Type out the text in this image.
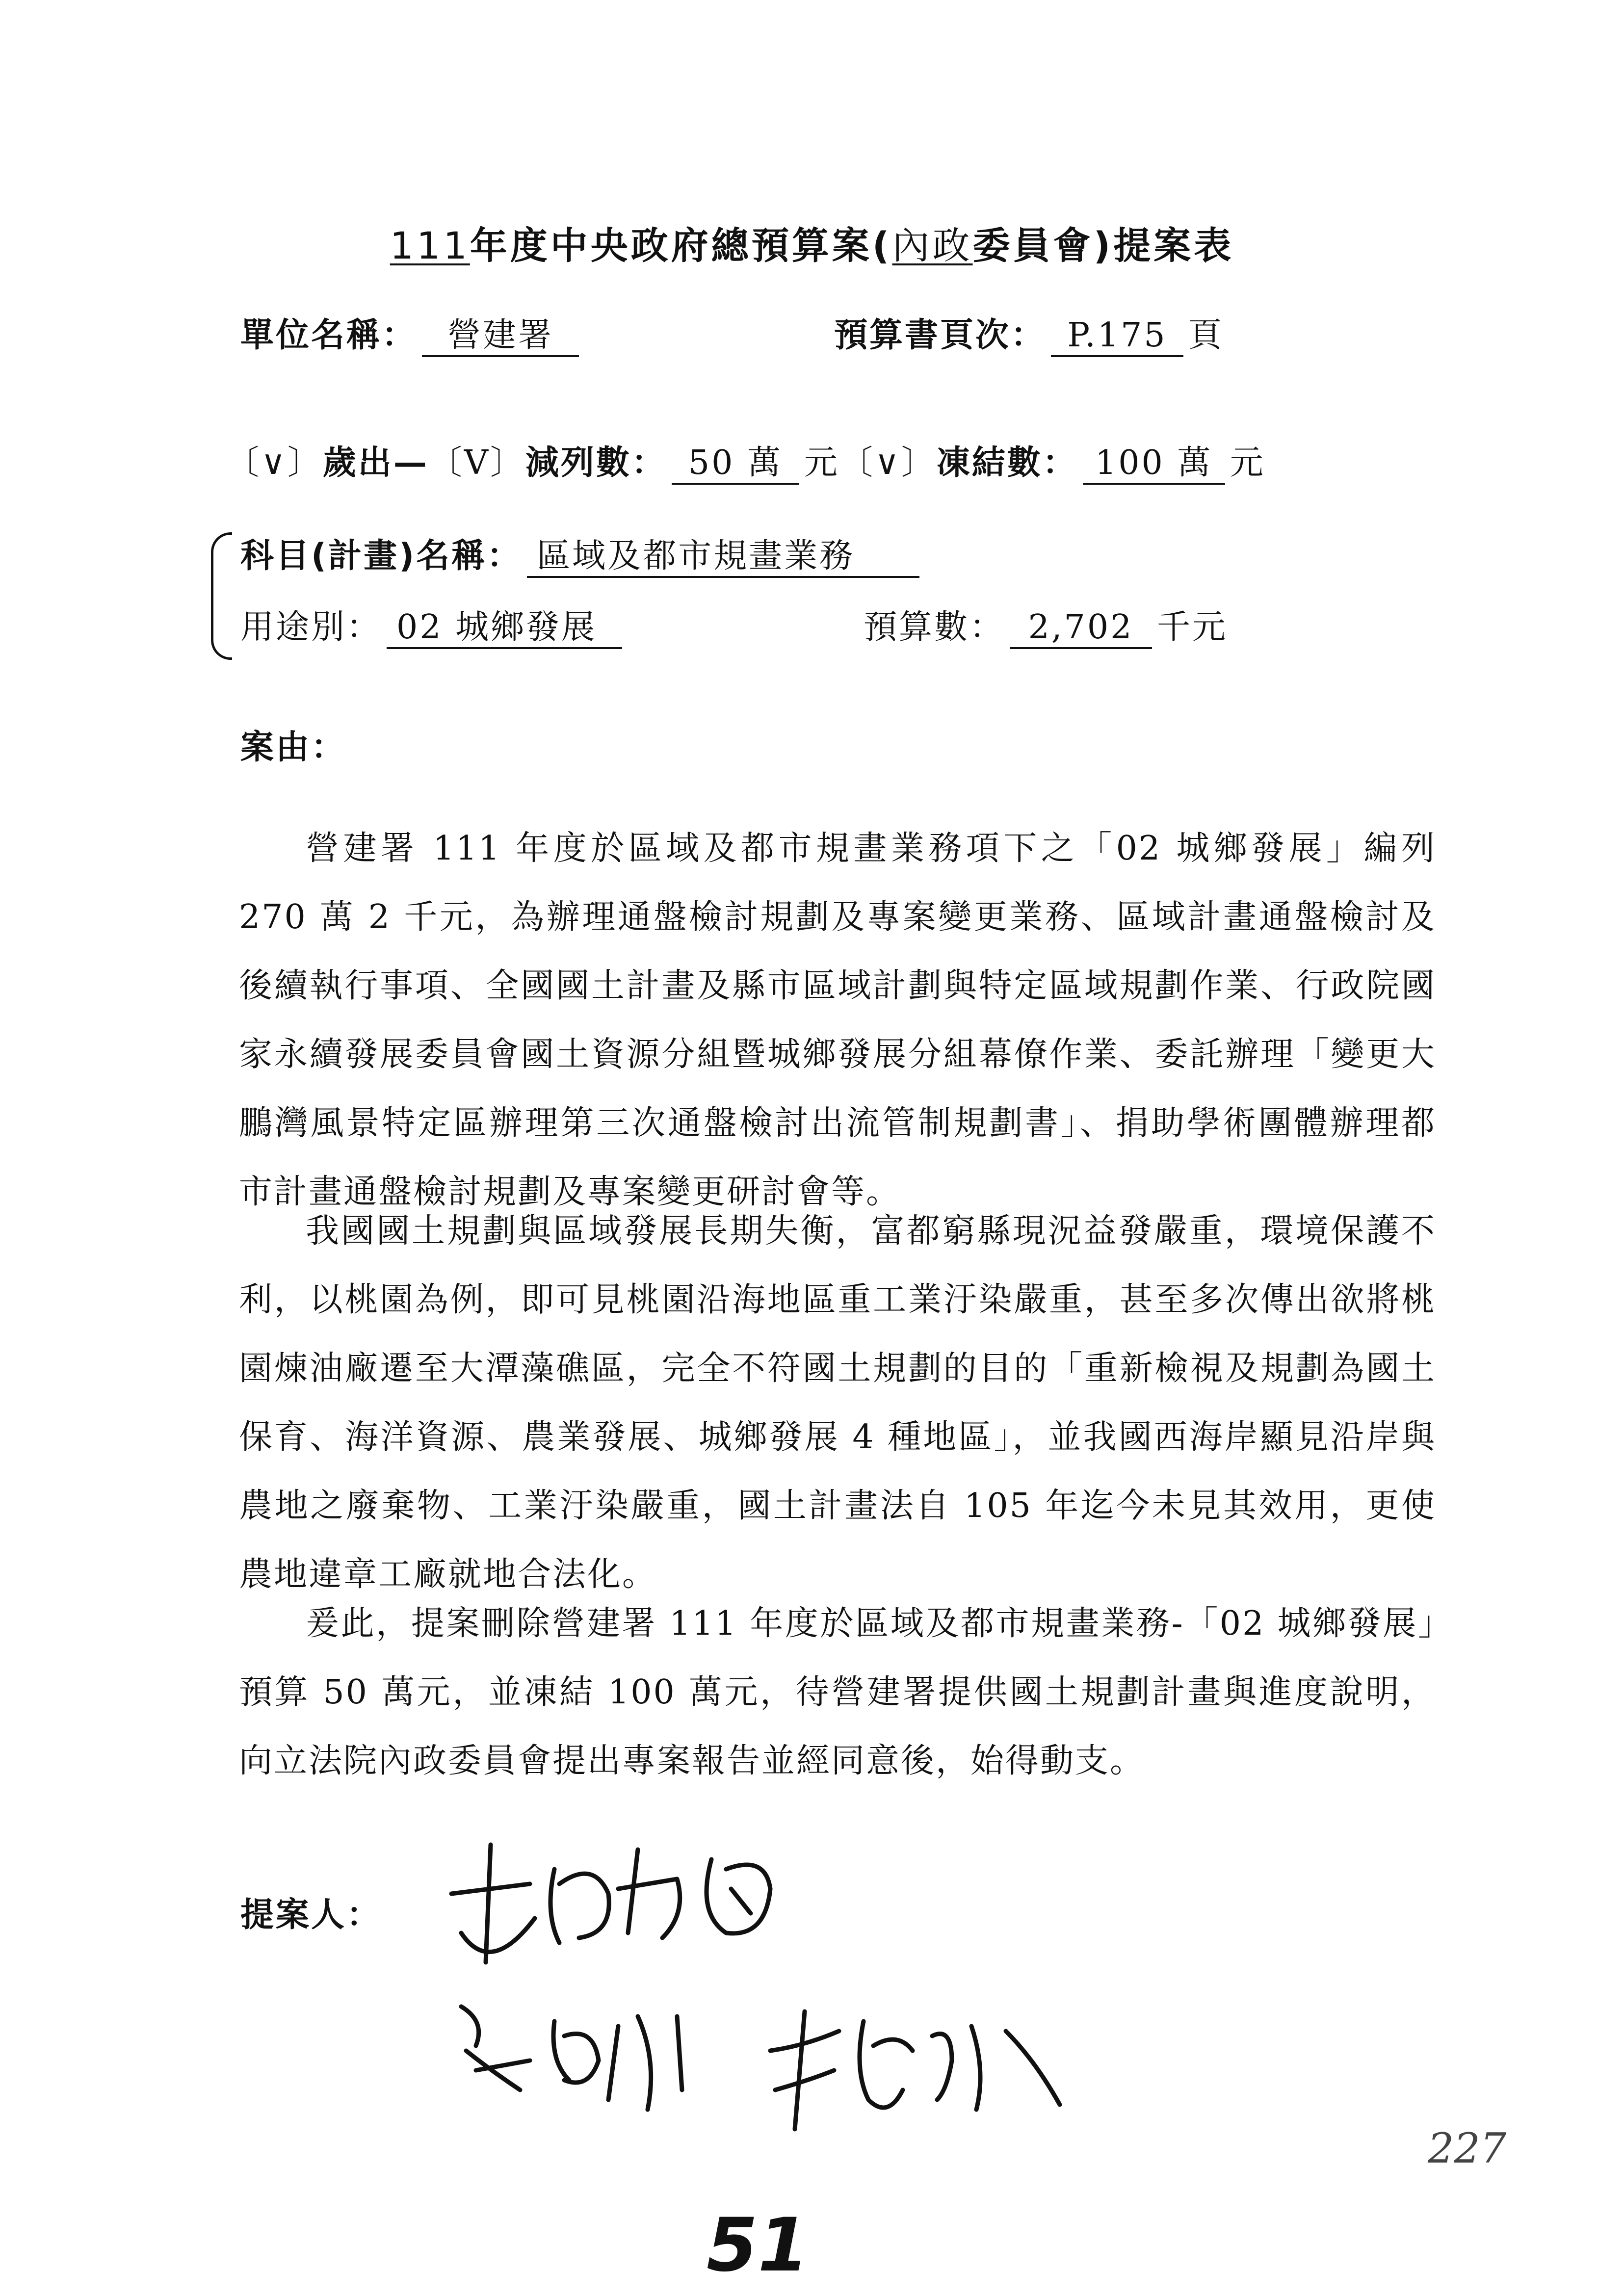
111年度中央政府總預算案(內政委員會)提案表
單位名稱： 營建署	預算書頁次： P.175 頁
〔∨〕歲出—〔V〕減列數： 50 萬 元〔∨〕凍結數： 100 萬 元
科目(計畫)名稱： 區域及都市規畫業務
用途別： 02 城鄉發展	預算數： 2,702 千元
案由：
營建署 111 年度於區域及都市規畫業務項下之「02 城鄉發展」編列 270 萬 2 千元，為辦理通盤檢討規劃及專案變更業務、區域計畫通盤檢討及後續執行事項、全國國土計畫及縣市區域計劃與特定區域規劃作業、行政院國家永續發展委員會國土資源分組暨城鄉發展分組幕僚作業、委託辦理「變更大鵬灣風景特定區辦理第三次通盤檢討出流管制規劃書」、捐助學術團體辦理都市計畫通盤檢討規劃及專案變更研討會等。
我國國土規劃與區域發展長期失衡，富都窮縣現況益發嚴重，環境保護不利，以桃園為例，即可見桃園沿海地區重工業汙染嚴重，甚至多次傳出欲將桃園煉油廠遷至大潭藻礁區，完全不符國土規劃的目的「重新檢視及規劃為國土保育、海洋資源、農業發展、城鄉發展 4 種地區」，並我國西海岸顯見沿岸與農地之廢棄物、工業汙染嚴重，國土計畫法自 105 年迄今未見其效用，更使農地違章工廠就地合法化。
爰此，提案刪除營建署 111 年度於區域及都市規畫業務-「02 城鄉發展」預算 50 萬元，並凍結 100 萬元，待營建署提供國土規劃計畫與進度說明，向立法院內政委員會提出專案報告並經同意後，始得動支。
提案人：
227
51
